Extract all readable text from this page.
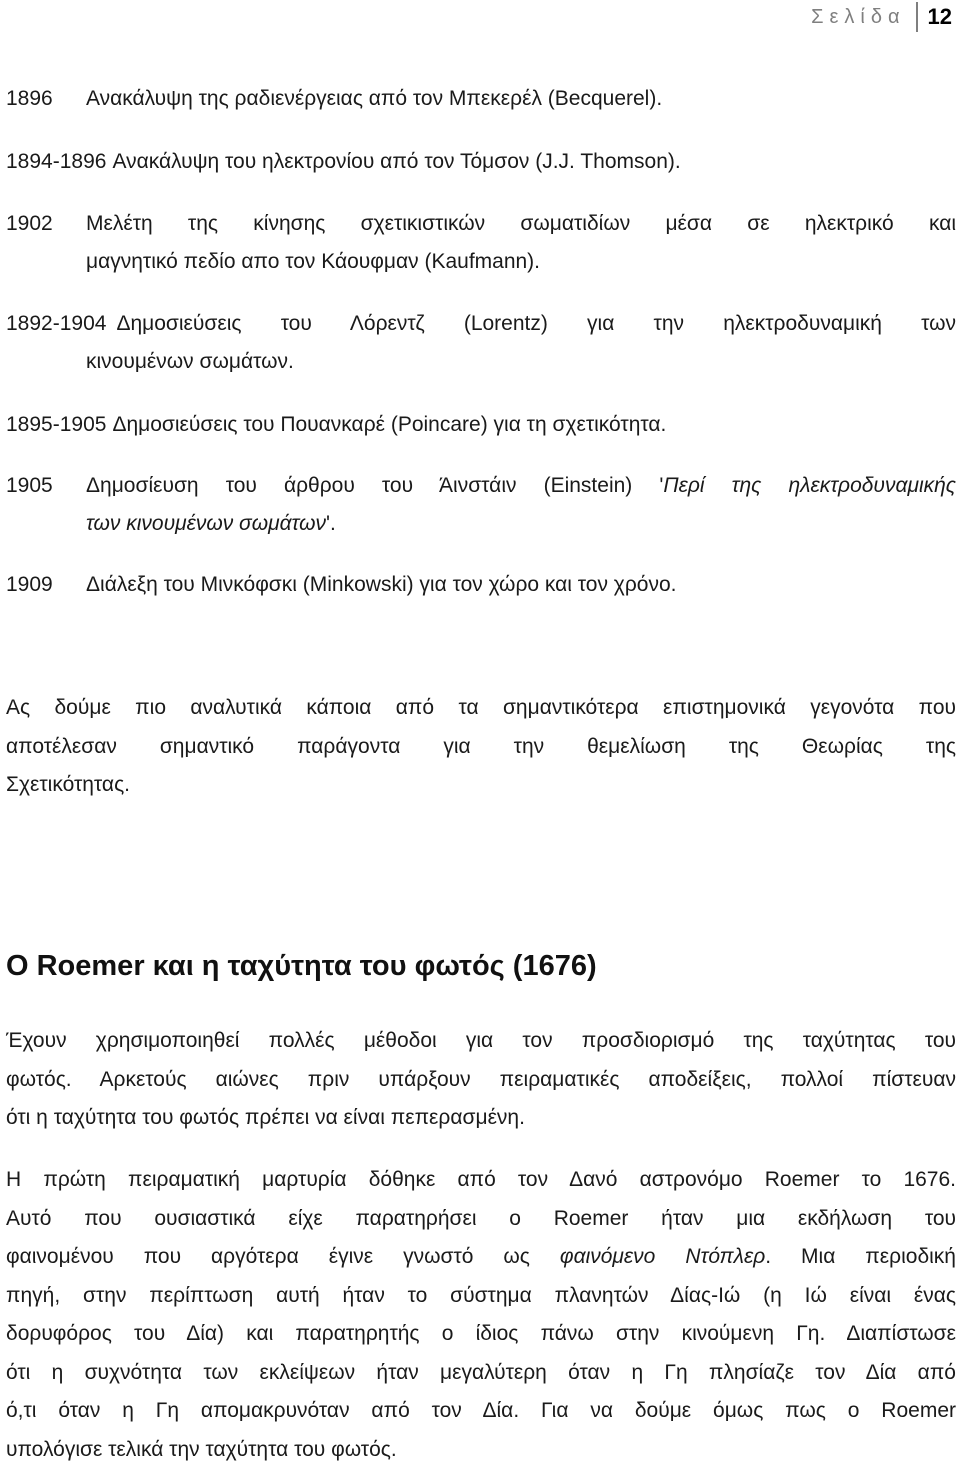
Σελίδα	12
1896	Ανακάλυψη της ραδιενέργειας από τον Μπεκερέλ (Becquerel).
1894-1896 Ανακάλυψη του ηλεκτρονίου από τον Τόμσον (J.J. Thomson).
1902	Μελέτη της κίνησης σχετικιστικών σωματιδίων μέσα σε ηλεκτρικό και
μαγνητικό πεδίο απο τον Κάουφμαν (Kaufmann).
1892-1904 Δημοσιεύσεις του Λόρεντζ (Lorentz) για την ηλεκτροδυναμική των
κινουμένων σωμάτων.
1895-1905 Δημοσιεύσεις του Πουανκαρέ (Poincare) για τη σχετικότητα.
1905	Δημοσίευση του άρθρου του Άινστάιν (Einstein) 'Περί της ηλεκτροδυναμικής
των κινουμένων σωμάτων'.
1909	Διάλεξη του Μινκόφσκι (Minkowski) για τον χώρο και τον χρόνο.
Ας δούμε πιο αναλυτικά κάποια από τα σημαντικότερα επιστημονικά γεγονότα που
αποτέλεσαν σημαντικό παράγοντα για την θεμελίωση της Θεωρίας της
Σχετικότητας.
Ο Roemer και η ταχύτητα του φωτός (1676)
Έχουν χρησιμοποιηθεί πολλές μέθοδοι για τον προσδιορισμό της ταχύτητας του
φωτός. Αρκετούς αιώνες πριν υπάρξουν πειραματικές αποδείξεις, πολλοί πίστευαν
ότι η ταχύτητα του φωτός πρέπει να είναι πεπερασμένη.
Η πρώτη πειραματική μαρτυρία δόθηκε από τον Δανό αστρονόμο Roemer το 1676.
Αυτό που ουσιαστικά είχε παρατηρήσει ο Roemer ήταν μια εκδήλωση του
φαινομένου που αργότερα έγινε γνωστό ως φαινόμενο Ντόπλερ. Μια περιοδική
πηγή, στην περίπτωση αυτή ήταν το σύστημα πλανητών Δίας-Ιώ (η Ιώ είναι ένας
δορυφόρος του Δία) και παρατηρητής ο ίδιος πάνω στην κινούμενη Γη. Διαπίστωσε
ότι η συχνότητα των εκλείψεων ήταν μεγαλύτερη όταν η Γη πλησίαζε τον Δία από
ό,τι όταν η Γη απομακρυνόταν από τον Δία. Για να δούμε όμως πως ο Roemer
υπολόγισε τελικά την ταχύτητα του φωτός.
